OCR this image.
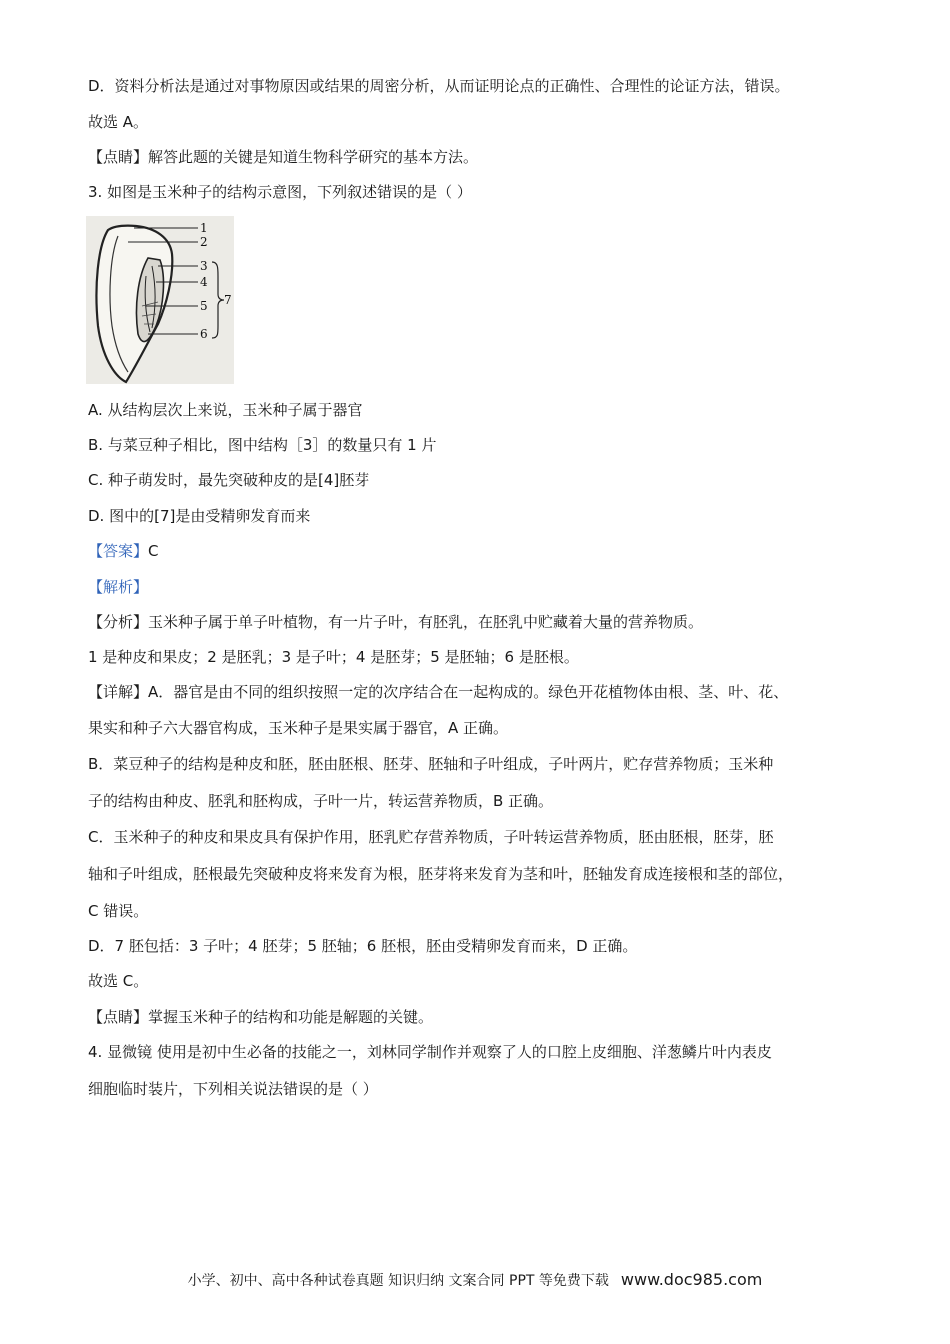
D．资料分析法是通过对事物原因或结果的周密分析，从而证明论点的正确性、合理性的论证方法，错误。
故选 A。
【点睛】解答此题的关键是知道生物科学研究的基本方法。
3. 如图是玉米种子的结构示意图，下列叙述错误的是（ ）
1
2
3
4
5
6
7
A. 从结构层次上来说，玉米种子属于器官
B. 与菜豆种子相比，图中结构［3］的数量只有 1 片
C. 种子萌发时，最先突破种皮的是[4]胚芽
D. 图中的[7]是由受精卵发育而来
【答案】C
【解析】
【分析】玉米种子属于单子叶植物，有一片子叶，有胚乳，在胚乳中贮藏着大量的营养物质。
1 是种皮和果皮；2 是胚乳；3 是子叶；4 是胚芽；5 是胚轴；6 是胚根。
【详解】A．器官是由不同的组织按照一定的次序结合在一起构成的。绿色开花植物体由根、茎、叶、花、
果实和种子六大器官构成，玉米种子是果实属于器官，A 正确。
B．菜豆种子的结构是种皮和胚，胚由胚根、胚芽、胚轴和子叶组成，子叶两片，贮存营养物质；玉米种
子的结构由种皮、胚乳和胚构成，子叶一片，转运营养物质，B 正确。
C．玉米种子的种皮和果皮具有保护作用，胚乳贮存营养物质，子叶转运营养物质，胚由胚根，胚芽，胚
轴和子叶组成，胚根最先突破种皮将来发育为根，胚芽将来发育为茎和叶，胚轴发育成连接根和茎的部位，
C 错误。
D．7 胚包括：3 子叶；4 胚芽；5 胚轴；6 胚根，胚由受精卵发育而来，D 正确。
故选 C。
【点睛】掌握玉米种子的结构和功能是解题的关键。
4. 显微镜 使用是初中生必备的技能之一，刘林同学制作并观察了人的口腔上皮细胞、洋葱鳞片叶内表皮
细胞临时装片，下列相关说法错误的是（ ）
小学、初中、高中各种试卷真题 知识归纳 文案合同 PPT 等免费下载 www.doc985.com
